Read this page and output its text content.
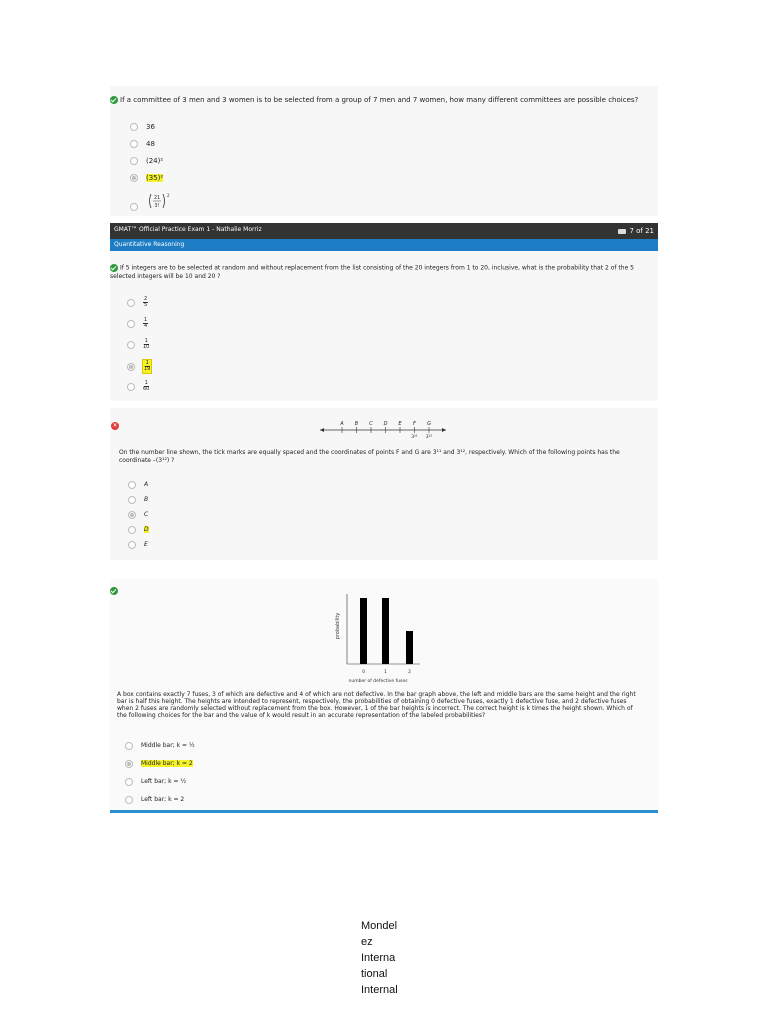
If a committee of 3 men and 3 women is to be selected from a group of 7 men and 7 women, how many different committees are possible choices?
36
48
(24)²
(35)²

21
3!
2
GMAT™ Official Practice Exam 1 - Nathalie Morriz	7 of 21
Quantitative Reasoning
If 5 integers are to be selected at random and without replacement from the list consisting of the 20 integers from 1 to 20, inclusive, what is the probability that 2 of the 5 selected integers will be 10 and 20 ?
$\frac{2}{5}$
$\frac{1}{4}$
$\frac{1}{10}$
$\frac{1}{19}$
$\frac{1}{60}$
✕	A B C D E F G
3¹¹ 3¹²
On the number line shown, the tick marks are equally spaced and the coordinates of points F and G are 3¹¹ and 3¹², respectively. Which of the following points has the coordinate –(3¹²) ?
A
B
C
D
E
probability
0	1	2
number of defective fuses
A box contains exactly 7 fuses, 3 of which are defective and 4 of which are not defective. In the bar graph above, the left and middle bars are the same height and the right bar is half this height. The heights are intended to represent, respectively, the probabilities of obtaining 0 defective fuses, exactly 1 defective fuse, and 2 defective fuses when 2 fuses are randomly selected without replacement from the box. However, 1 of the bar heights is incorrect. The correct height is k times the height shown. Which of the following choices for the bar and the value of k would result in an accurate representation of the labeled probabilities?
Middle bar; k = ½
Middle bar; k = 2
Left bar; k = ½
Left bar; k = 2
Mondel
ez
Interna
tional
Internal
